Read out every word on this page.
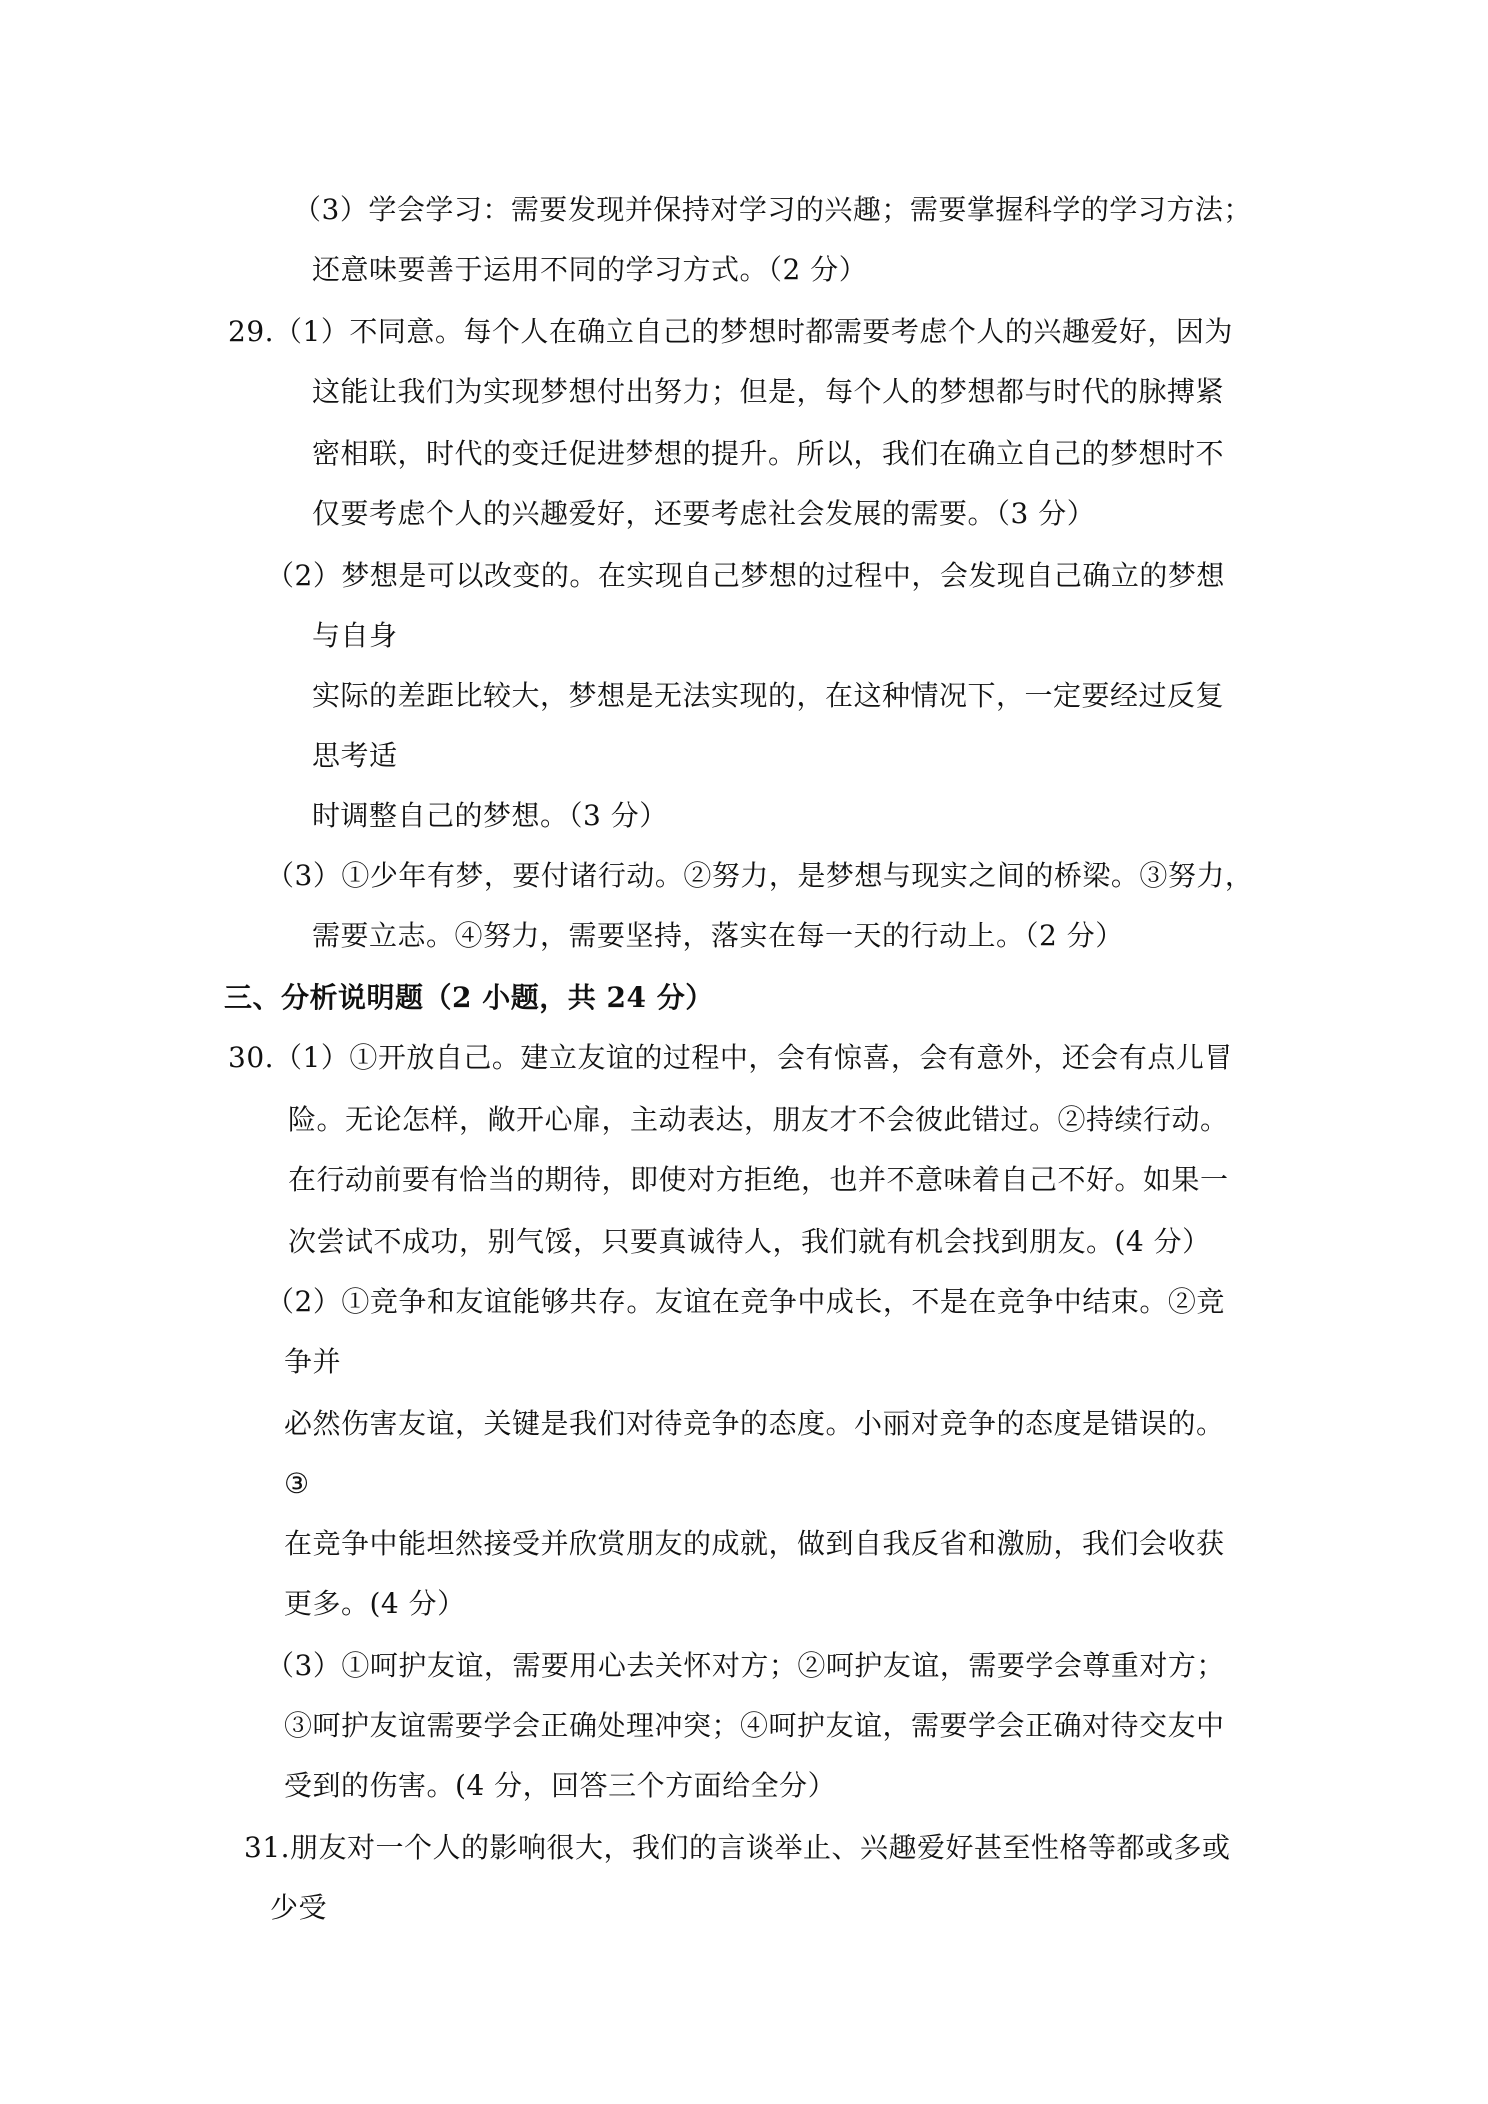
（3）学会学习：需要发现并保持对学习的兴趣；需要掌握科学的学习方法；
还意味要善于运用不同的学习方式。（2 分）
29.（1）不同意。每个人在确立自己的梦想时都需要考虑个人的兴趣爱好，因为
这能让我们为实现梦想付出努力；但是，每个人的梦想都与时代的脉搏紧
密相联，时代的变迁促进梦想的提升。所以，我们在确立自己的梦想时不
仅要考虑个人的兴趣爱好，还要考虑社会发展的需要。（3 分）
（2）梦想是可以改变的。在实现自己梦想的过程中，会发现自己确立的梦想
与自身
实际的差距比较大，梦想是无法实现的，在这种情况下，一定要经过反复
思考适
时调整自己的梦想。（3 分）
（3）①少年有梦，要付诸行动。②努力，是梦想与现实之间的桥梁。③努力，
需要立志。④努力，需要坚持，落实在每一天的行动上。（2 分）
三、分析说明题（2 小题，共 24 分）
30.（1）①开放自己。建立友谊的过程中，会有惊喜，会有意外，还会有点儿冒
险。无论怎样，敞开心扉，主动表达，朋友才不会彼此错过。②持续行动。
在行动前要有恰当的期待，即使对方拒绝，也并不意味着自己不好。如果一
次尝试不成功，别气馁，只要真诚待人，我们就有机会找到朋友。(4 分）
（2）①竞争和友谊能够共存。友谊在竞争中成长，不是在竞争中结束。②竞
争并
必然伤害友谊，关键是我们对待竞争的态度。小丽对竞争的态度是错误的。
③
在竞争中能坦然接受并欣赏朋友的成就，做到自我反省和激励，我们会收获
更多。(4 分）
（3）①呵护友谊，需要用心去关怀对方；②呵护友谊，需要学会尊重对方；
③呵护友谊需要学会正确处理冲突；④呵护友谊，需要学会正确对待交友中
受到的伤害。(4 分，回答三个方面给全分）
31.朋友对一个人的影响很大，我们的言谈举止、兴趣爱好甚至性格等都或多或
少受
